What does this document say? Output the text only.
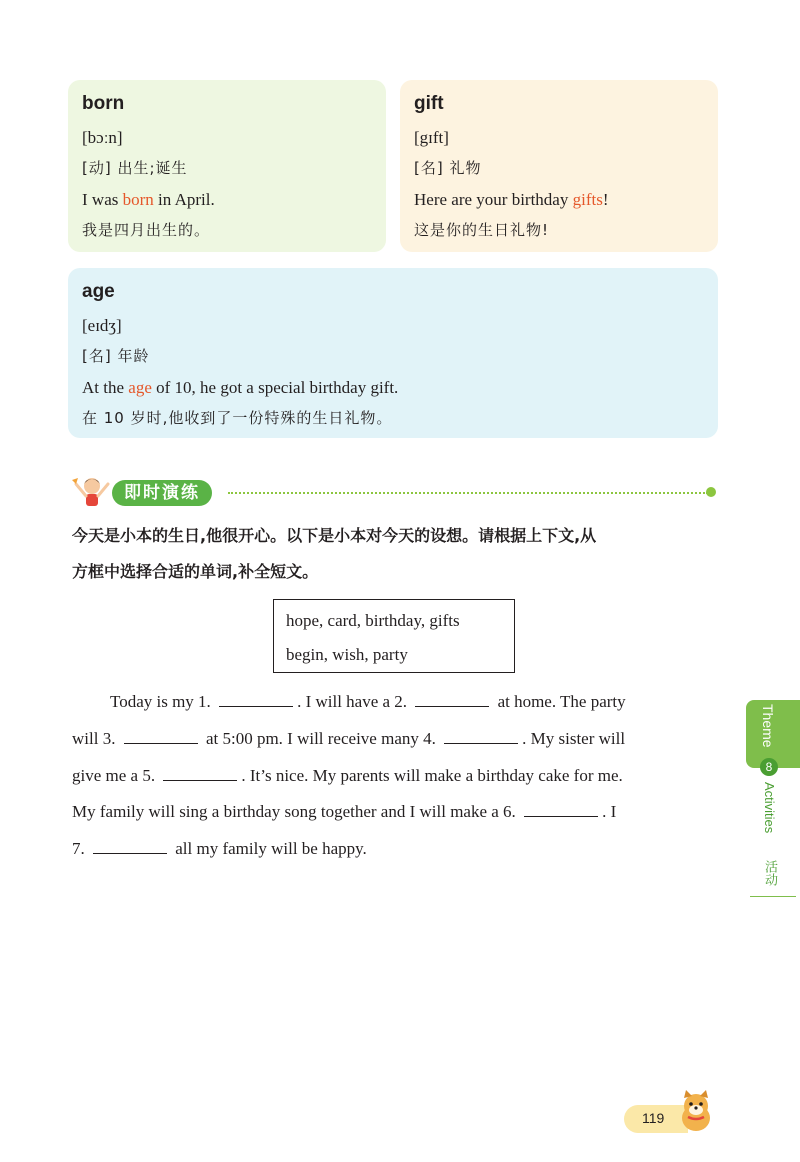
born
[bɔːn]
[动] 出生;诞生
I was born in April.
我是四月出生的。
gift
[gɪft]
[名] 礼物
Here are your birthday gifts!
这是你的生日礼物!
age
[eɪdʒ]
[名] 年龄
At the age of 10, he got a special birthday gift.
在 10 岁时,他收到了一份特殊的生日礼物。
即时演练
今天是小本的生日,他很开心。以下是小本对今天的设想。请根据上下文,从
方框中选择合适的单词,补全短文。
hope, card, birthday, gifts
begin, wish, party

Today is my 1.	. I will have a 2.	at home. The party

will 3.	at 5:00 pm. I will receive many 4.	. My sister will

give me a 5.	. It’s nice. My parents will make a birthday cake for me.

My family will sing a birthday song together and I will make a 6.	. I

7.	all my family will be happy.

Theme
8
Activities
活动
119
